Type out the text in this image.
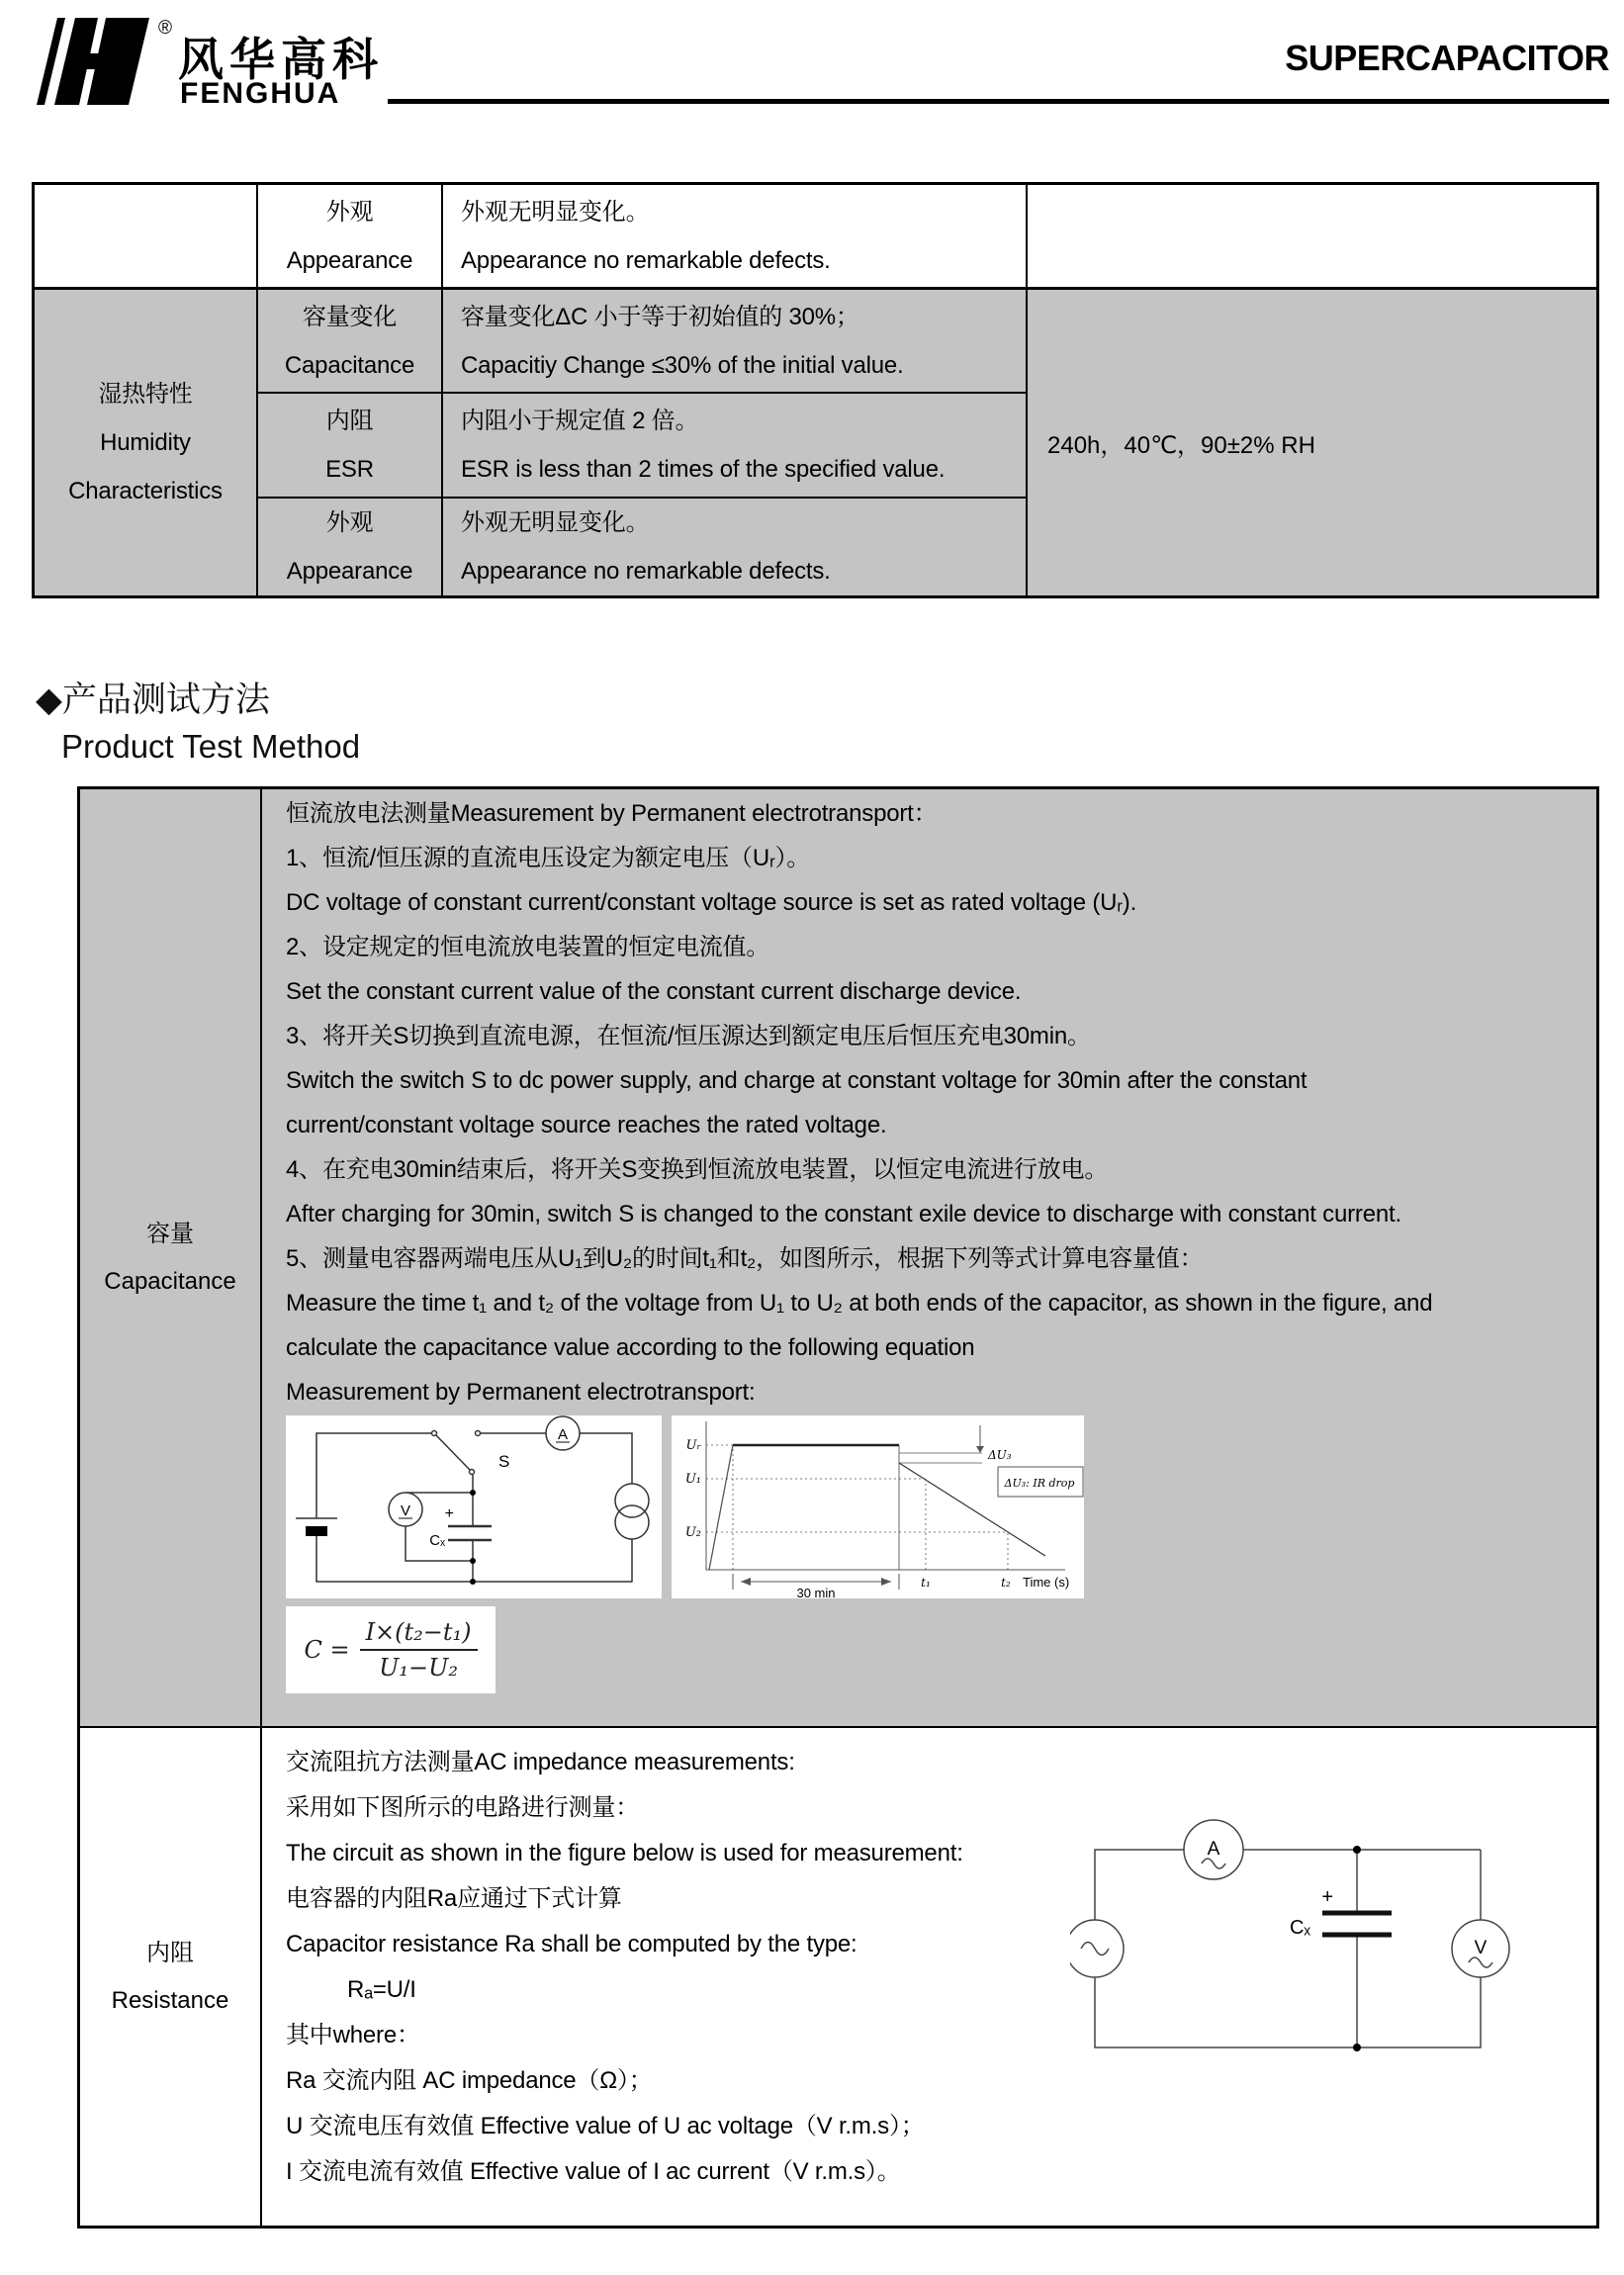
®
风华高科
FENGHUA
SUPERCAPACITOR
外观
Appearance
外观无明显变化。
Appearance no remarkable defects.
湿热特性
Humidity
Characteristics
容量变化
Capacitance
容量变化ΔC 小于等于初始值的 30%；
Capacitiy Change ≤30% of the initial value.
240h，40℃，90±2% RH
内阻
ESR
内阻小于规定值 2 倍。
ESR is less than 2 times of the specified value.
外观
Appearance
外观无明显变化。
Appearance no remarkable defects.
◆产品测试方法
Product Test Method
容量
Capacitance
恒流放电法测量Measurement by Permanent electrotransport：
1、恒流/恒压源的直流电压设定为额定电压（Uᵣ）。
DC voltage of constant current/constant voltage source is set as rated voltage (Uᵣ).
2、设定规定的恒电流放电装置的恒定电流值。
Set the constant current value of the constant current discharge device.
3、将开关S切换到直流电源，在恒流/恒压源达到额定电压后恒压充电30min。
Switch the switch S to dc power supply, and charge at constant voltage for 30min after the constant
current/constant voltage source reaches the rated voltage.
4、在充电30min结束后，将开关S变换到恒流放电装置，以恒定电流进行放电。
After charging for 30min, switch S is changed to the constant exile device to discharge with constant current.
5、测量电容器两端电压从U₁到U₂的时间t₁和t₂，如图所示，根据下列等式计算电容量值：
Measure the time t₁ and t₂ of the voltage from U₁ to U₂ at both ends of the capacitor, as shown in the figure, and
calculate the capacitance value according to the following equation
Measurement by Permanent electrotransport:
A
V
S
+
Cₓ
ΔU₃: IR drop
ΔU₃
Uᵣ
U₁
U₂
t₁	t₂ Time (s)
30 min
$C = \frac{\text{I×(t₂−t₁)}}{\text{U₁−U₂}}$
内阻
Resistance
交流阻抗方法测量AC impedance measurements:
采用如下图所示的电路进行测量：
The circuit as shown in the figure below is used for measurement:
电容器的内阻Ra应通过下式计算
Capacitor resistance Ra shall be computed by the type:
Rₐ=U/I
其中where：
Ra 交流内阻 AC impedance（Ω）；
U 交流电压有效值 Effective value of U ac voltage（V r.m.s）；
I 交流电流有效值 Effective value of I ac current（V r.m.s）。
A
V
+
Cₓ
